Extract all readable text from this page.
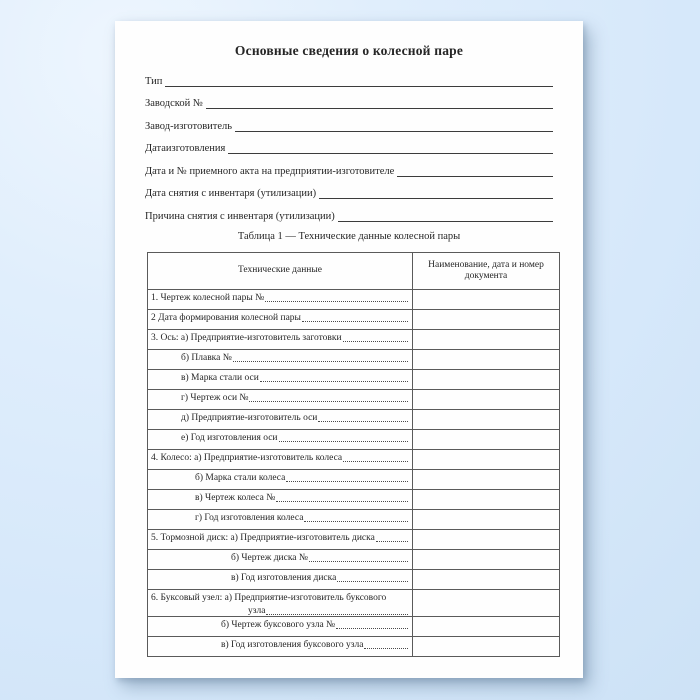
Основные сведения о колесной паре
Тип
Заводской №
Завод-изготовитель
Датаизготовления
Дата и № приемного акта на предприятии-изготовителе
Дата снятия с инвентаря (утилизации)
Причина снятия с инвентаря (утилизации)
Таблица 1 — Технические данные колесной пары
Технические данные
Наименование, дата и номер документа
1. Чертеж колесной пары №
2 Дата формирования колесной пары
3. Ось: а) Предприятие-изготовитель заготовки
б) Плавка №
в) Марка стали оси
г) Чертеж оси №
д) Предприятие-изготовитель оси
е) Год изготовления оси
4. Колесо: а) Предприятие-изготовитель колеса
б) Марка стали колеса
в) Чертеж колеса №
г) Год изготовления колеса
5. Тормозной диск: а) Предприятие-изготовитель диска
б) Чертеж диска №
в) Год изготовления диска
6. Буксовый узел: а) Предприятие-изготовитель буксового
узла
б) Чертеж буксового узла №
в) Год изготовления буксового узла
